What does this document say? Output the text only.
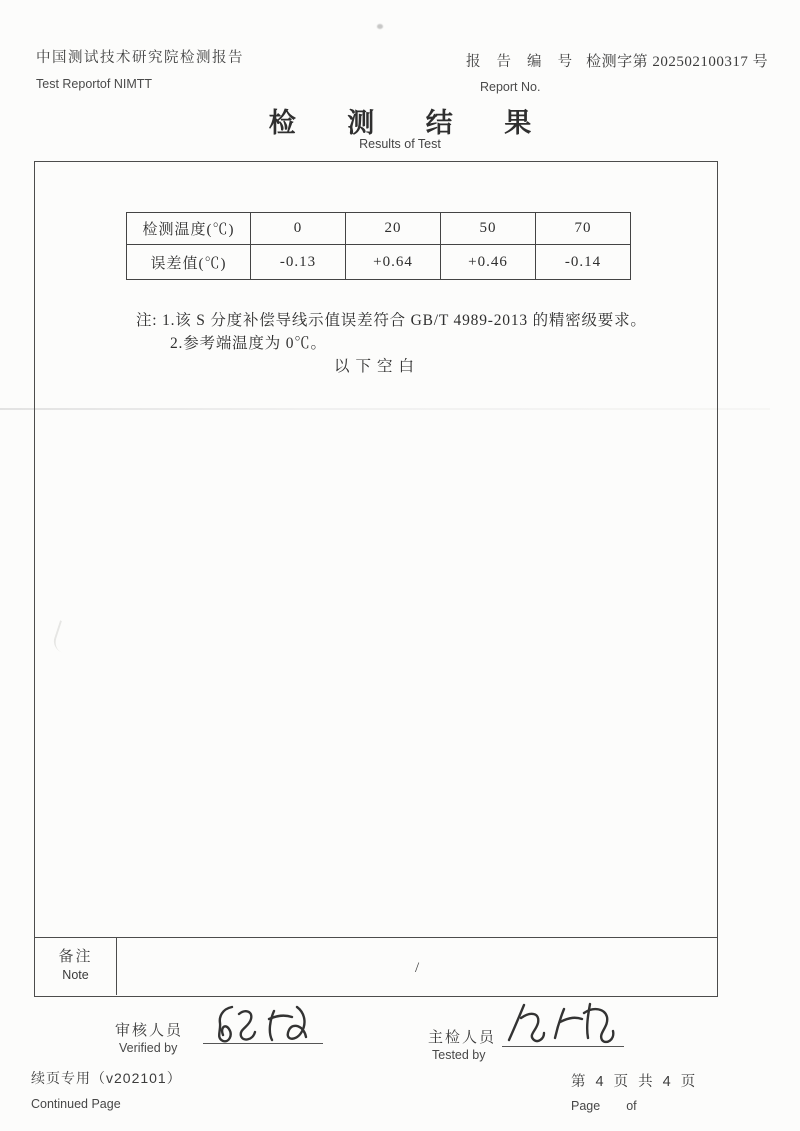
中国测试技术研究院检测报告
Test Reportof NIMTT
报 告 编 号 检测字第 202502100317 号
Report No.
检 测 结 果
Results of Test
检测温度(℃)	0	20	50	70
误差值(℃)	-0.13	+0.64	+0.46	-0.14
注: 1.该 S 分度补偿导线示值误差符合 GB/T 4989-2013 的精密级要求。
2.参考端温度为 0℃。
以下空白
备注
Note	/
审核人员
Verified by
主检人员
Tested by
续页专用（v202101）
Continued Page
第 4 页 共 4 页
Page of
